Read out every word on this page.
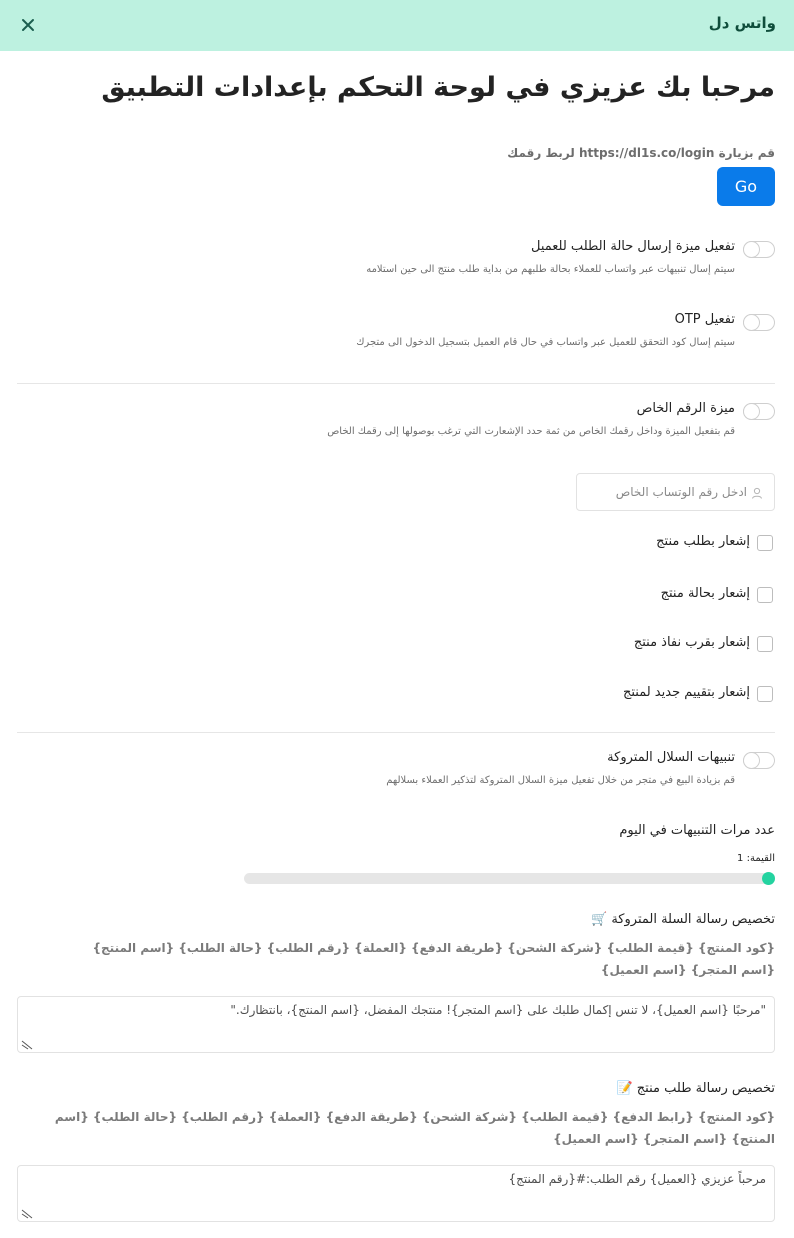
واتس دل
مرحبا بك عزيزي في لوحة التحكم بإعدادات التطبيق
قم بزيارة https://dl1s.co/login لربط رقمك
Go
تفعيل ميزة إرسال حالة الطلب للعميل
سيتم إسال تنبيهات عبر واتساب للعملاء بحالة طلبهم من بداية طلب منتج الى حين استلامه
تفعيل OTP
سيتم إسال كود التحقق للعميل عبر واتساب في حال قام العميل بتسجيل الدخول الى متجرك
ميزة الرقم الخاص
قم بتفعيل الميزة وداخل رقمك الخاص من ثمة حدد الإشعارت التي ترغب بوصولها إلى رقمك الخاص
ادخل رقم الوتساب الخاص
إشعار بطلب منتج
إشعار بحالة منتج
إشعار بقرب نفاذ منتج
إشعار بتقييم جديد لمنتج
تنبيهات السلال المتروكة
قم بزيادة البيع في متجر من خلال تفعيل ميزة السلال المتروكة لتذكير العملاء بسلالهم
عدد مرات التنبيهات في اليوم
القيمة: 1
تخصيص رسالة السلة المتروكة 🛒
{كود المنتج} {قيمة الطلب} {شركة الشحن} {طريقة الدفع} {العملة} {رقم الطلب} {حالة الطلب} {اسم المنتج} {اسم المتجر} {اسم العميل}
"مرحبًا {اسم العميل}، لا تنس إكمال طلبك على {اسم المتجر}! منتجك المفضل، {اسم المنتج}، بانتظارك."
تخصيص رسالة طلب منتج 📝
{كود المنتج} {رابط الدفع} {قيمة الطلب} {شركة الشحن} {طريقة الدفع} {العملة} {رقم الطلب} {حالة الطلب} {اسم المنتج} {اسم المتجر} {اسم العميل}
مرحباً عزيزي {العميل} رقم الطلب:#{رقم المنتج}
